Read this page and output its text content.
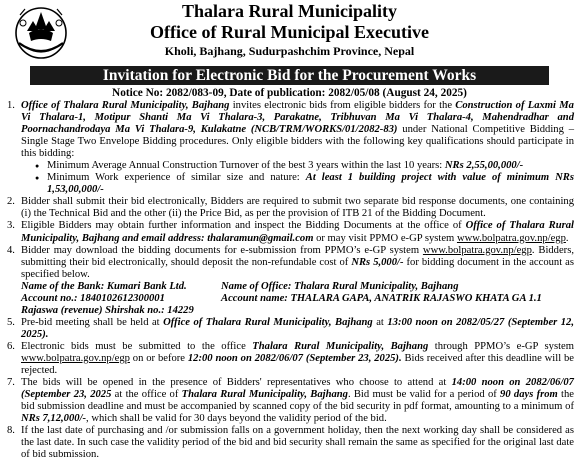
Thalara Rural Municipality
Office of Rural Municipal Executive
Kholi, Bajhang, Sudurpashchim Province, Nepal
Invitation for Electronic Bid for the Procurement Works
Notice No: 2082/083-09, Date of publication: 2082/05/08 (August 24, 2025)
1. Office of Thalara Rural Municipality, Bajhang invites electronic bids from eligible bidders for the Construction of Laxmi Ma Vi Thalara-1, Motipur Shanti Ma Vi Thalara-3, Parakatne, Tribhuvan Ma Vi Thalara-4, Mahendradhar and Poornachandrodaya Ma Vi Thalara-9, Kulakatne (NCB/TRM/WORKS/01/2082-83) under National Competitive Bidding – Single Stage Two Envelope Bidding procedures. Only eligible bidders with the following key qualifications should participate in this bidding:
● Minimum Average Annual Construction Turnover of the best 3 years within the last 10 years: NRs 2,55,00,000/-
● Minimum Work experience of similar size and nature: At least 1 building project with value of minimum NRs 1,53,00,000/-
2. Bidder shall submit their bid electronically, Bidders are required to submit two separate bid response documents, one containing (i) the Technical Bid and the other (ii) the Price Bid, as per the provision of ITB 21 of the Bidding Document.
3. Eligible Bidders may obtain further information and inspect the Bidding Documents at the office of Office of Thalara Rural Municipality, Bajhang and email address: thalaramun@gmail.com or may visit PPMO e-GP system www.bolpatra.gov.np/egp.
4. Bidder may download the bidding documents for e-submission from PPMO’s e-GP system www.bolpatra.gov.np/egp. Bidders, submitting their bid electronically, should deposit the non-refundable cost of NRs 5,000/- for bidding document in the account as specified below.
Name of the Bank: Kumari Bank Ltd.	Name of Office: Thalara Rural Municipality, Bajhang
Account no.: 1840102612300001	Account name: THALARA GAPA, ANATRIK RAJASWO KHATA GA 1.1
Rajaswa (revenue) Shirshak no.: 14229
5. Pre-bid meeting shall be held at Office of Thalara Rural Municipality, Bajhang at 13:00 noon on 2082/05/27 (September 12, 2025).
6. Electronic bids must be submitted to the office Thalara Rural Municipality, Bajhang through PPMO’s e-GP system www.bolpatra.gov.np/egp on or before 12:00 noon on 2082/06/07 (September 23, 2025). Bids received after this deadline will be rejected.
7. The bids will be opened in the presence of Bidders' representatives who choose to attend at 14:00 noon on 2082/06/07 (September 23, 2025 at the office of Thalara Rural Municipality, Bajhang. Bid must be valid for a period of 90 days from the bid submission deadline and must be accompanied by scanned copy of the bid security in pdf format, amounting to a minimum of NRs 7,12,000/-, which shall be valid for 30 days beyond the validity period of the bid.
8. If the last date of purchasing and /or submission falls on a government holiday, then the next working day shall be considered as the last date. In such case the validity period of the bid and bid security shall remain the same as specified for the original last date of bid submission.
